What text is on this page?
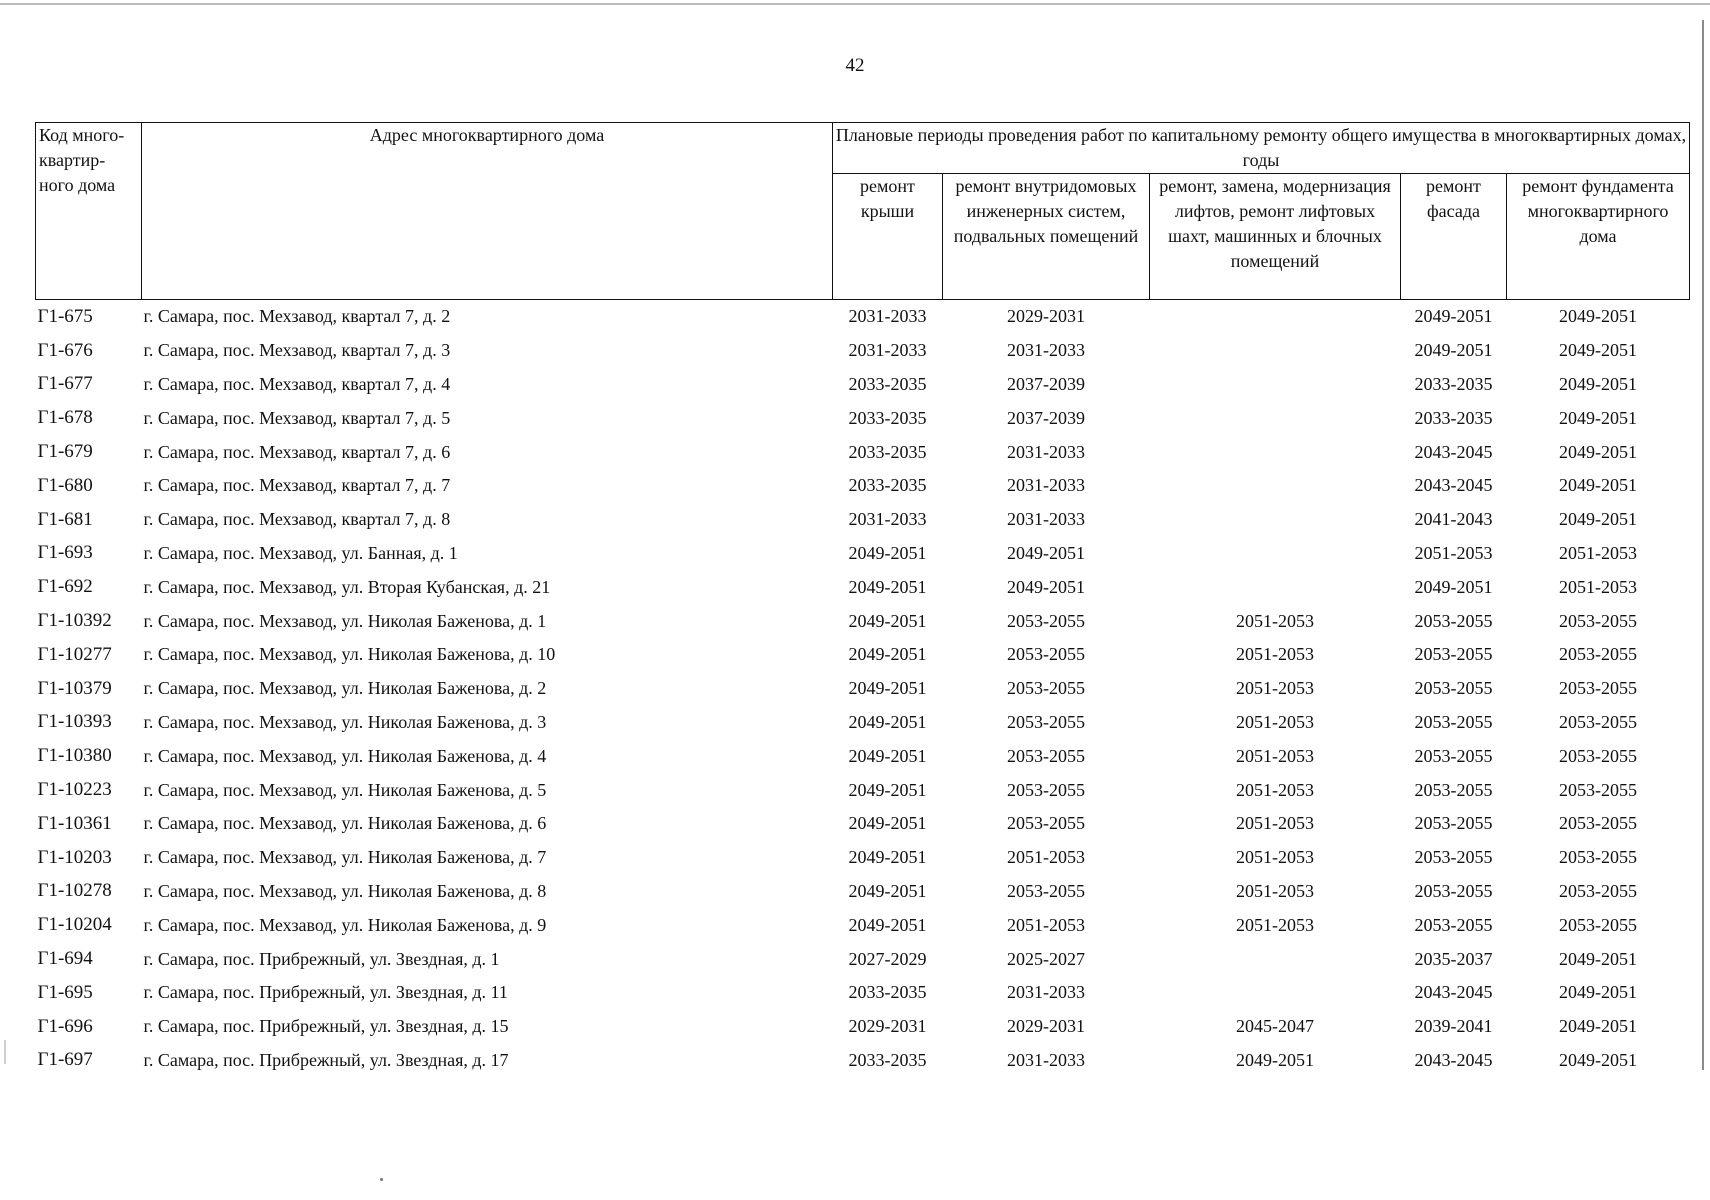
42
Код много-квартир-ного дома	Адрес многоквартирного дома	Плановые периоды проведения работ по капитальному ремонту общего имущества в многоквартирных домах, годы				
		ремонт крыши	ремонт внутридомовых инженерных систем, подвальных помещений	ремонт, замена, модернизация лифтов, ремонт лифтовых шахт, машинных и блочных помещений	ремонт фасада	ремонт фундамента многоквартирного дома
Г1-675	г. Самара, пос. Мехзавод, квартал 7, д. 2	2031-2033	2029-2031		2049-2051	2049-2051
Г1-676	г. Самара, пос. Мехзавод, квартал 7, д. 3	2031-2033	2031-2033		2049-2051	2049-2051
Г1-677	г. Самара, пос. Мехзавод, квартал 7, д. 4	2033-2035	2037-2039		2033-2035	2049-2051
Г1-678	г. Самара, пос. Мехзавод, квартал 7, д. 5	2033-2035	2037-2039		2033-2035	2049-2051
Г1-679	г. Самара, пос. Мехзавод, квартал 7, д. 6	2033-2035	2031-2033		2043-2045	2049-2051
Г1-680	г. Самара, пос. Мехзавод, квартал 7, д. 7	2033-2035	2031-2033		2043-2045	2049-2051
Г1-681	г. Самара, пос. Мехзавод, квартал 7, д. 8	2031-2033	2031-2033		2041-2043	2049-2051
Г1-693	г. Самара, пос. Мехзавод, ул. Банная, д. 1	2049-2051	2049-2051		2051-2053	2051-2053
Г1-692	г. Самара, пос. Мехзавод, ул. Вторая Кубанская, д. 21	2049-2051	2049-2051		2049-2051	2051-2053
Г1-10392	г. Самара, пос. Мехзавод, ул. Николая Баженова, д. 1	2049-2051	2053-2055	2051-2053	2053-2055	2053-2055
Г1-10277	г. Самара, пос. Мехзавод, ул. Николая Баженова, д. 10	2049-2051	2053-2055	2051-2053	2053-2055	2053-2055
Г1-10379	г. Самара, пос. Мехзавод, ул. Николая Баженова, д. 2	2049-2051	2053-2055	2051-2053	2053-2055	2053-2055
Г1-10393	г. Самара, пос. Мехзавод, ул. Николая Баженова, д. 3	2049-2051	2053-2055	2051-2053	2053-2055	2053-2055
Г1-10380	г. Самара, пос. Мехзавод, ул. Николая Баженова, д. 4	2049-2051	2053-2055	2051-2053	2053-2055	2053-2055
Г1-10223	г. Самара, пос. Мехзавод, ул. Николая Баженова, д. 5	2049-2051	2053-2055	2051-2053	2053-2055	2053-2055
Г1-10361	г. Самара, пос. Мехзавод, ул. Николая Баженова, д. 6	2049-2051	2053-2055	2051-2053	2053-2055	2053-2055
Г1-10203	г. Самара, пос. Мехзавод, ул. Николая Баженова, д. 7	2049-2051	2051-2053	2051-2053	2053-2055	2053-2055
Г1-10278	г. Самара, пос. Мехзавод, ул. Николая Баженова, д. 8	2049-2051	2053-2055	2051-2053	2053-2055	2053-2055
Г1-10204	г. Самара, пос. Мехзавод, ул. Николая Баженова, д. 9	2049-2051	2051-2053	2051-2053	2053-2055	2053-2055
Г1-694	г. Самара, пос. Прибрежный, ул. Звездная, д. 1	2027-2029	2025-2027		2035-2037	2049-2051
Г1-695	г. Самара, пос. Прибрежный, ул. Звездная, д. 11	2033-2035	2031-2033		2043-2045	2049-2051
Г1-696	г. Самара, пос. Прибрежный, ул. Звездная, д. 15	2029-2031	2029-2031	2045-2047	2039-2041	2049-2051
Г1-697	г. Самара, пос. Прибрежный, ул. Звездная, д. 17	2033-2035	2031-2033	2049-2051	2043-2045	2049-2051
